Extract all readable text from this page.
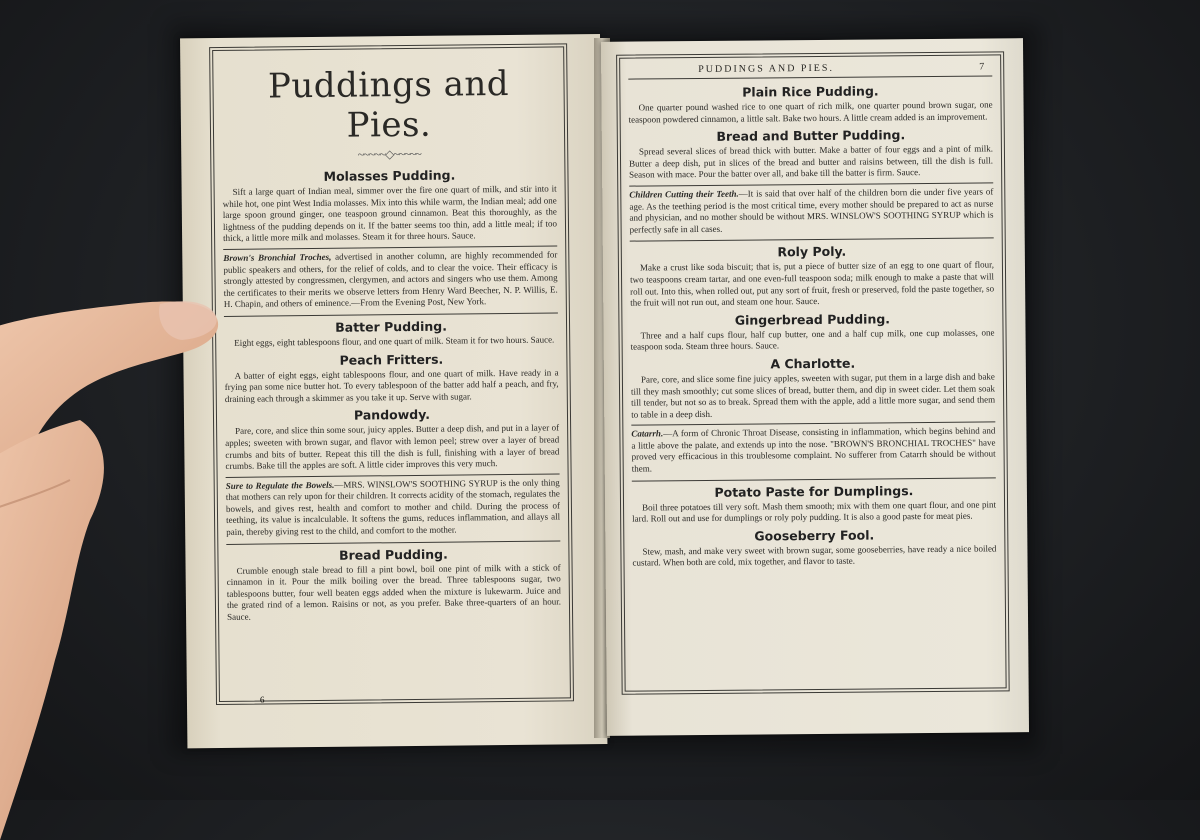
Puddings and Pies.
~~~~~◇~~~~~
Molasses Pudding.

Sift a large quart of Indian meal, simmer over the fire one quart of milk, and stir into it while hot, one pint West India molasses. Mix into this while warm, the Indian meal; add one large spoon ground ginger, one teaspoon ground cinnamon. Beat this thoroughly, as the lightness of the pudding depends on it. If the batter seems too thin, add a little meal; if too thick, a little more milk and molasses. Steam it for three hours. Sauce.

Brown's Bronchial Troches, advertised in another column, are highly recommended for public speakers and others, for the relief of colds, and to clear the voice. Their efficacy is strongly attested by congressmen, clergymen, and actors and singers who use them. Among the certificates to their merits we observe letters from Henry Ward Beecher, N. P. Willis, E. H. Chapin, and others of eminence.—From the Evening Post, New York.

Batter Pudding.

Eight eggs, eight tablespoons flour, and one quart of milk. Steam it for two hours. Sauce.

Peach Fritters.

A batter of eight eggs, eight tablespoons flour, and one quart of milk. Have ready in a frying pan some nice butter hot. To every tablespoon of the batter add half a peach, and fry, draining each through a skimmer as you take it up. Serve with sugar.

Pandowdy.

Pare, core, and slice thin some sour, juicy apples. Butter a deep dish, and put in a layer of apples; sweeten with brown sugar, and flavor with lemon peel; strew over a layer of bread crumbs and bits of butter. Repeat this till the dish is full, finishing with a layer of bread crumbs. Bake till the apples are soft. A little cider improves this very much.

Sure to Regulate the Bowels.—MRS. WINSLOW'S SOOTHING SYRUP is the only thing that mothers can rely upon for their children. It corrects acidity of the stomach, regulates the bowels, and gives rest, health and comfort to mother and child. During the process of teething, its value is incalculable. It softens the gums, reduces inflammation, and allays all pain, thereby giving rest to the child, and comfort to the mother.

Bread Pudding.

Crumble enough stale bread to fill a pint bowl, boil one pint of milk with a stick of cinnamon in it. Pour the milk boiling over the bread. Three tablespoons sugar, two tablespoons butter, four well beaten eggs added when the mixture is lukewarm. Juice and the grated rind of a lemon. Raisins or not, as you prefer. Bake three-quarters of an hour. Sauce.

6
PUDDINGS AND PIES.	7
Plain Rice Pudding.

One quarter pound washed rice to one quart of rich milk, one quarter pound brown sugar, one teaspoon powdered cinnamon, a little salt. Bake two hours. A little cream added is an improvement.

Bread and Butter Pudding.

Spread several slices of bread thick with butter. Make a batter of four eggs and a pint of milk. Butter a deep dish, put in slices of the bread and butter and raisins between, till the dish is full. Season with mace. Pour the batter over all, and bake till the batter is firm. Sauce.

Children Cutting their Teeth.—It is said that over half of the children born die under five years of age. As the teething period is the most critical time, every mother should be prepared to act as nurse and physician, and no mother should be without MRS. WINSLOW'S SOOTHING SYRUP which is perfectly safe in all cases.

Roly Poly.

Make a crust like soda biscuit; that is, put a piece of butter size of an egg to one quart of flour, two teaspoons cream tartar, and one even-full teaspoon soda; milk enough to make a paste that will roll out. Into this, when rolled out, put any sort of fruit, fresh or preserved, fold the paste together, so the fruit will not run out, and steam one hour. Sauce.

Gingerbread Pudding.

Three and a half cups flour, half cup butter, one and a half cup milk, one cup molasses, one teaspoon soda. Steam three hours. Sauce.

A Charlotte.

Pare, core, and slice some fine juicy apples, sweeten with sugar, put them in a large dish and bake till they mash smoothly; cut some slices of bread, butter them, and dip in sweet cider. Let them soak till tender, but not so as to break. Spread them with the apple, add a little more sugar, and send them to table in a deep dish.

Catarrh.—A form of Chronic Throat Disease, consisting in inflammation, which begins behind and a little above the palate, and extends up into the nose. "BROWN'S BRONCHIAL TROCHES" have proved very efficacious in this troublesome complaint. No sufferer from Catarrh should be without them.

Potato Paste for Dumplings.

Boil three potatoes till very soft. Mash them smooth; mix with them one quart flour, and one pint lard. Roll out and use for dumplings or roly poly pudding. It is also a good paste for meat pies.

Gooseberry Fool.

Stew, mash, and make very sweet with brown sugar, some gooseberries, have ready a nice boiled custard. When both are cold, mix together, and flavor to taste.
